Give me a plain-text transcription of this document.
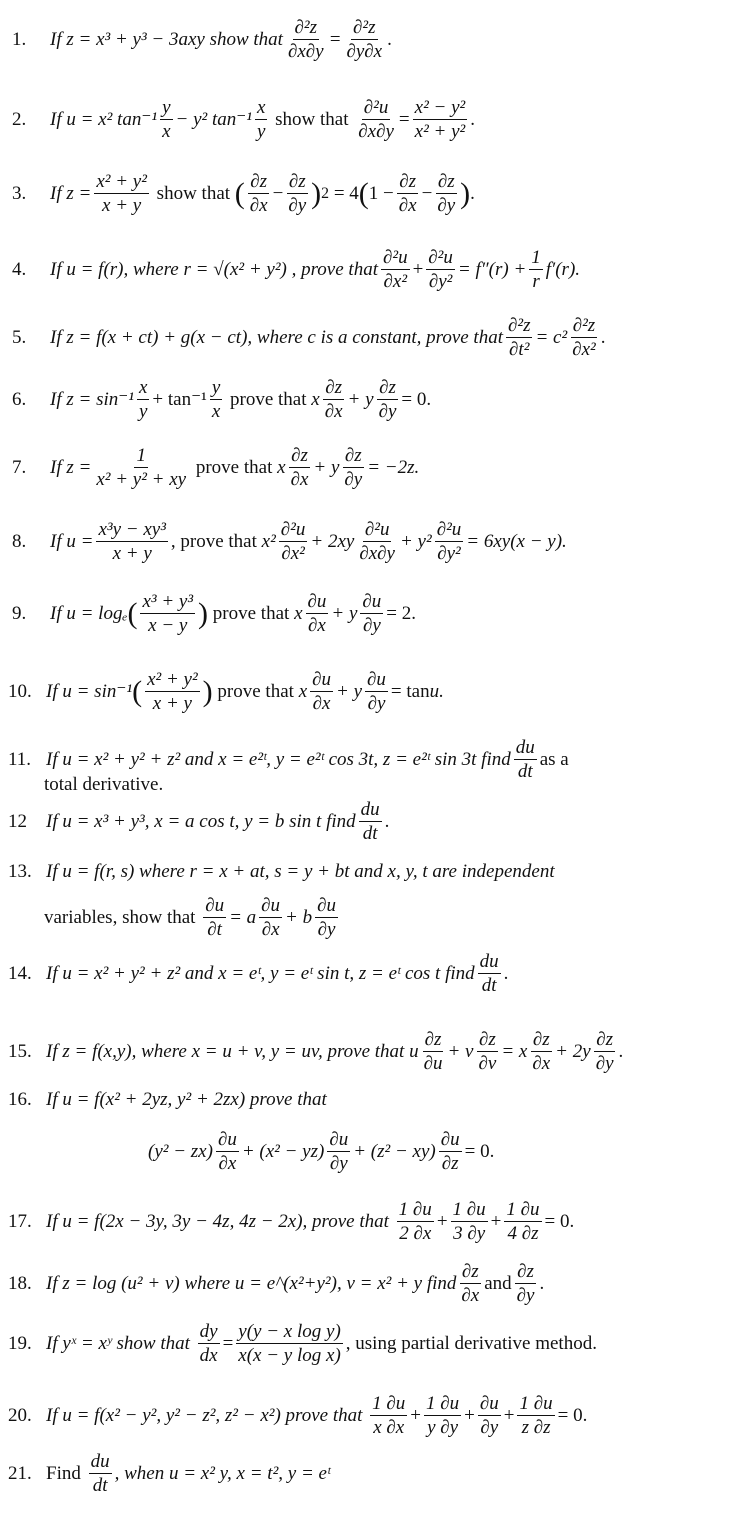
1.	If z = x³ + y³ − 3axy show that $\frac{\text{∂²z}}{\partial x\partial y} = \frac{\text{∂²z}}{\partial y\partial x}$ .
2.	If u = x² $\tan^{-1} \frac{y}{x} - y^2$ $\tan^{-1} \frac{x}{y}$ show that $\frac{\text{∂²u}}{\partial x\partial y} = \frac{\text{x² − y²}}{\text{x² + y²}}$ .
3.	If $z = \frac{\text{x² + y²}}{x + y}$ show that ( $\frac{\partial z}{\partial x} - \frac{\partial z}{\partial y}$ ) 2 = 4 ( $1 - \frac{\partial z}{\partial x} - \frac{\partial z}{\partial y}$ ) .
4.	If u = f(r), where r = √(x² + y²) , prove that $\frac{\text{∂²u}}{\text{∂x²}} + \frac{\text{∂²u}}{\text{∂y²}} = f''(r) + \frac{1}{r} f'(r)$.
5.	If z = f(x + ct) + g(x − ct), where c is a constant, prove that $\frac{\text{∂²z}}{\text{∂t²}} = c^2 \frac{\text{∂²z}}{\text{∂x²}}$ .
6.	If $z = \sin^{-1} \frac{x}{y} + \tan^{-1} \frac{y}{x}$ prove that x $\frac{\partial z}{\partial x} + y \frac{\partial z}{\partial y} = 0$.
7.	If $z = \frac{1}{\text{x² + y² + xy}}$ prove that x $\frac{\partial z}{\partial x} + y \frac{\partial z}{\partial y} = -2z$.
8.	If $u = \frac{\text{x³y − xy³}}{x + y}$ , prove that $x^2 \frac{\text{∂²u}}{\text{∂x²}} + 2xy \frac{\text{∂²u}}{\partial x\partial y} + y^2 \frac{\text{∂²u}}{\text{∂y²}} = 6xy(x - y)$.
9.	If u = logₑ ( $\frac{\text{x³ + y³}}{x - y}$ ) prove that x $\frac{\partial u}{\partial x} + y \frac{\partial u}{\partial y} = 2$.
10. If u = sin⁻¹ ( $\frac{\text{x² + y²}}{x + y}$ ) prove that x $\frac{\partial u}{\partial x} + y \frac{\partial u}{\partial y} = \tan u$.
11. If u = x² + y² + z² and x = e²ᵗ, y = e²ᵗ cos 3t, z = e²ᵗ sin 3t find $\frac{du}{dt}$ as a
total derivative.
12	If u = x³ + y³, x = a cos t, y = b sin t find $\frac{du}{dt}$ .
13. If u = f(r, s) where r = x + at, s = y + bt and x, y, t are independent
variables, show that
$\frac{\partial u}{\partial t} = a \frac{\partial u}{\partial x} + b \frac{\partial u}{\partial y}$
14. If u = x² + y² + z² and x = eᵗ, y = eᵗ sin t, z = eᵗ cos t find $\frac{du}{dt}$ .
15. If z = f(x,y), where x = u + v, y = uv, prove that
u $\frac{\partial z}{\partial u} + v \frac{\partial z}{\partial v} = x \frac{\partial z}{\partial x} + 2y \frac{\partial z}{\partial y}$ .
16. If u = f(x² + 2yz, y² + 2zx) prove that
$(y^2 - zx) \frac{\partial u}{\partial x} + (x^2 - yz) \frac{\partial u}{\partial y} + (z^2 - xy) \frac{\partial u}{\partial z} = 0$.
17. If u = f(2x − 3y, 3y − 4z, 4z − 2x), prove that
$\frac{1 \partial u}{2 \partial x} + \frac{1 \partial u}{3 \partial y} + \frac{1 \partial u}{4 \partial z} = 0$.
18. If z = log (u² + v) where u = e^(x²+y²), v = x² + y find $\frac{\partial z}{\partial x}$ and $\frac{\partial z}{\partial y}$ .
19. If yˣ = xʸ show that
$\frac{dy}{dx} = \frac{\text{y(y − x log y)}}{\text{x(x − y log x)}}$ , using partial derivative method.
20. If u = f(x² − y², y² − z², z² − x²) prove that
$\frac{1 \partial u}{x \partial x} + \frac{1 \partial u}{y \partial y} + \frac{\partial u}{\partial y} + \frac{1 \partial u}{z \partial z} = 0$.
21. Find
$\frac{du}{dt}$ , when u = x² y, x = t², y = eᵗ
